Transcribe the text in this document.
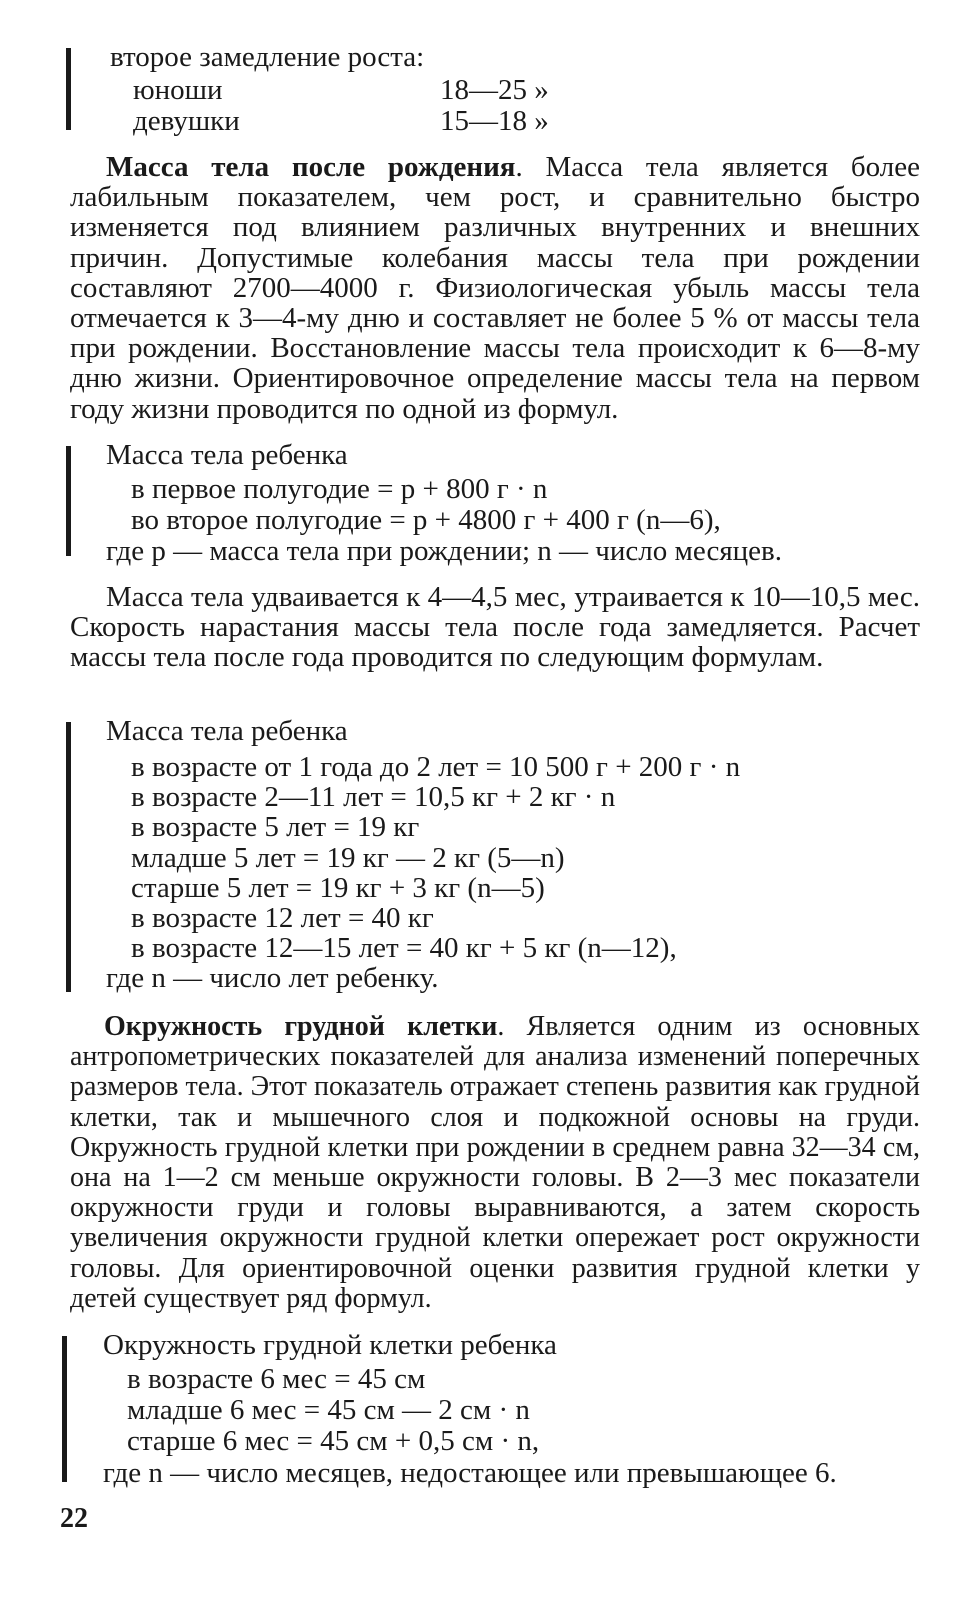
второе замедление роста:
юноши	18—25 »
девушки	15—18 »
Масса тела после рождения. Масса тела является более лабильным показателем, чем рост, и сравнительно быстро изменяется под влиянием различных внутренних и внешних причин. Допустимые колебания массы тела при рождении составляют 2700—4000 г. Физиологическая убыль массы тела отмечается к 3—4-му дню и составляет не более 5 % от массы тела при рождении. Восстановление массы тела происходит к 6—8-му дню жизни. Ориентировочное определение массы тела на первом году жизни проводится по одной из формул.
Масса тела ребенка
в первое полугодие = р + 800 г · n
во второе полугодие = р + 4800 г + 400 г (n—6),
где р — масса тела при рождении; n — число месяцев.
Масса тела удваивается к 4—4,5 мес, утраивается к 10—10,5 мес. Скорость нарастания массы тела после года замедляется. Расчет массы тела после года проводится по следующим формулам.
Масса тела ребенка
в возрасте от 1 года до 2 лет = 10 500 г + 200 г · n
в возрасте 2—11 лет = 10,5 кг + 2 кг · n
в возрасте 5 лет = 19 кг
младше 5 лет = 19 кг — 2 кг (5—n)
старше 5 лет = 19 кг + 3 кг (n—5)
в возрасте 12 лет = 40 кг
в возрасте 12—15 лет = 40 кг + 5 кг (n—12),
где n — число лет ребенку.
Окружность грудной клетки. Является одним из основных антропометрических показателей для анализа изменений поперечных размеров тела. Этот показатель отражает степень развития как грудной клетки, так и мышечного слоя и подкожной основы на груди. Окружность грудной клетки при рождении в среднем равна 32—34 см, она на 1—2 см меньше окружности головы. В 2—3 мес показатели окружности груди и головы выравниваются, а затем скорость увеличения окружности грудной клетки опережает рост окружности головы. Для ориентировочной оценки развития грудной клетки у детей существует ряд формул.
Окружность грудной клетки ребенка
в возрасте 6 мес = 45 см
младше 6 мес = 45 см — 2 см · n
старше 6 мес = 45 см + 0,5 см · n,
где n — число месяцев, недостающее или превышающее 6.
22
